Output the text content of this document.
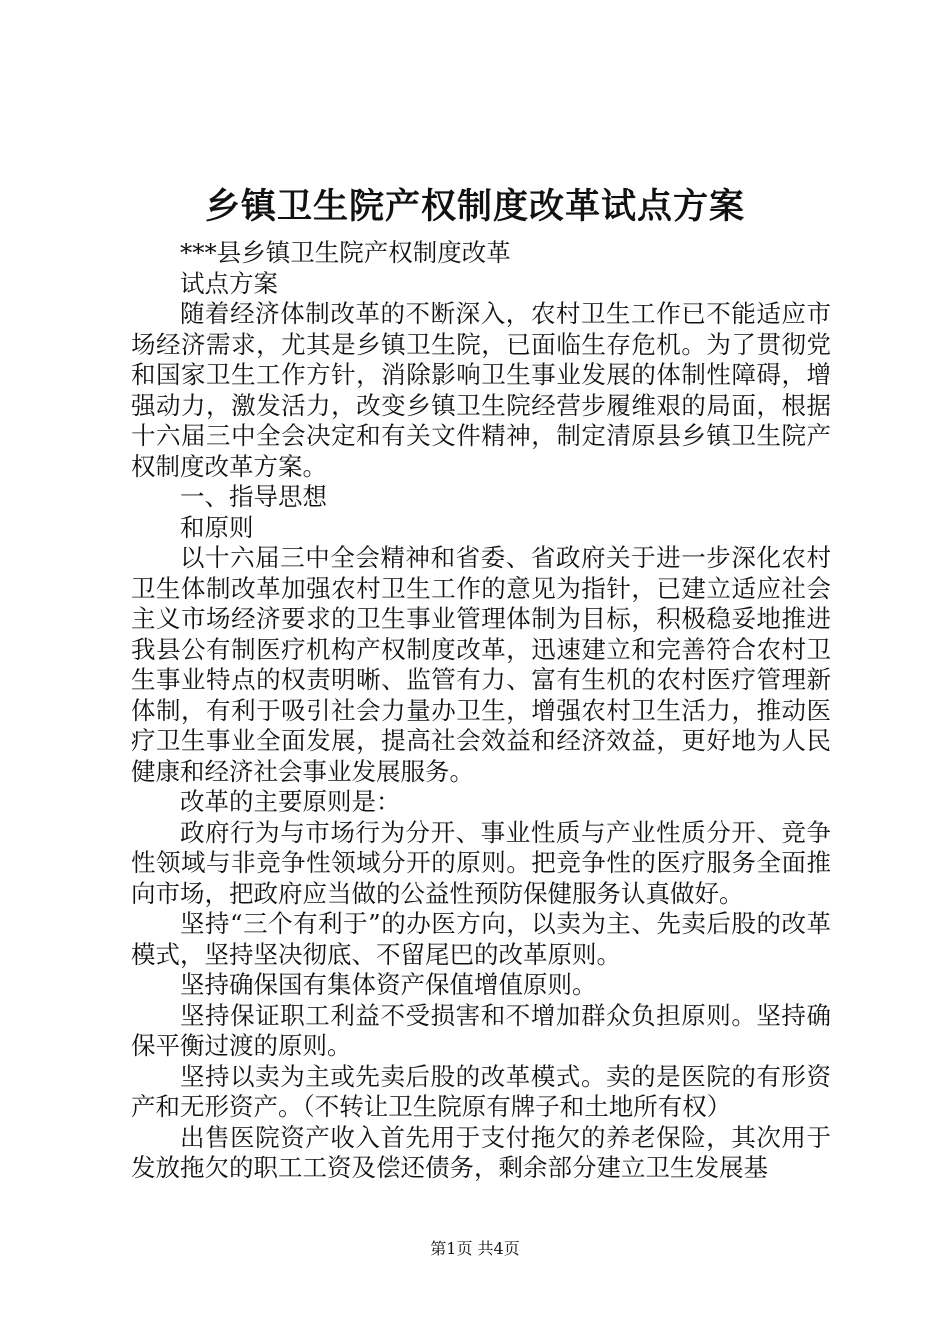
乡镇卫生院产权制度改革试点方案

***县乡镇卫生院产权制度改革

试点方案

随着经济体制改革的不断深入，农村卫生工作已不能适应市场经济需求，尤其是乡镇卫生院，已面临生存危机。为了贯彻党和国家卫生工作方针，消除影响卫生事业发展的体制性障碍，增强动力，激发活力，改变乡镇卫生院经营步履维艰的局面，根据十六届三中全会决定和有关文件精神，制定清原县乡镇卫生院产权制度改革方案。

一、指导思想

和原则

以十六届三中全会精神和省委、省政府关于进一步深化农村卫生体制改革加强农村卫生工作的意见为指针，已建立适应社会主义市场经济要求的卫生事业管理体制为目标，积极稳妥地推进我县公有制医疗机构产权制度改革，迅速建立和完善符合农村卫生事业特点的权责明晰、监管有力、富有生机的农村医疗管理新体制，有利于吸引社会力量办卫生，增强农村卫生活力，推动医疗卫生事业全面发展，提高社会效益和经济效益，更好地为人民健康和经济社会事业发展服务。

改革的主要原则是：

政府行为与市场行为分开、事业性质与产业性质分开、竞争性领域与非竞争性领域分开的原则。把竞争性的医疗服务全面推向市场，把政府应当做的公益性预防保健服务认真做好。

坚持“三个有利于”的办医方向，以卖为主、先卖后股的改革模式，坚持坚决彻底、不留尾巴的改革原则。

坚持确保国有集体资产保值增值原则。

坚持保证职工利益不受损害和不增加群众负担原则。坚持确保平衡过渡的原则。

坚持以卖为主或先卖后股的改革模式。卖的是医院的有形资产和无形资产。（不转让卫生院原有牌子和土地所有权）

出售医院资产收入首先用于支付拖欠的养老保险，其次用于发放拖欠的职工工资及偿还债务，剩余部分建立卫生发展基

第1页 共4页
